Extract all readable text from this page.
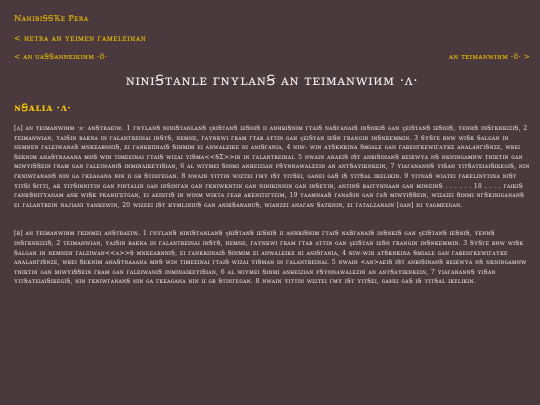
ℕᴀᴎɪʙɪꞨꞨҠᴇ Ᵽᴇʀᴀ
< ᴎᴇᴛʀᴀ ᴀɴ ʏᴇɪᴍᴇɴ ᴦᴀᴍᴇʟᴇɪᴎᴀɴ
< ᴀɴ ᴜᴀꞨꞨᴀɴɴᴇɪᴋɪᴎᴍ ·8·	ᴀɴ ᴛᴇɪᴍᴀɴᴡɪᴎᴍ ·8· >
ɴɪɴɪꞨᴛᴀɴʟᴇ ᴦɴʏʟᴀɴꞨ ᴀɴ ᴛᴇɪᴍᴀɴᴡɪᴎᴍ ·ʌ·
ɴꞨᴀʟɪᴀ ·ʌ·
[ʌ] ᴀɴ ᴛᴇɪᴍᴀɴᴡɪᴎᴍ ·ʌ· ᴀɴꞨᴛʀᴀᴇɪᴡ. 1 ᴦɴʏʟᴀɴꞨ ɴɪɴɪꞨᴛᴀɴʟᴀɴꞨ ӽʀɪꞨᴛᴀɴꞨ ɪᴇꞨɴɪꞨ ɪɪ ᴀɴᴎʙɪꞨɴɪᴍ ᴦᴛᴀɪꞨ ɴᴀꞨᴦᴀɴᴀɪꞨ ɪɴꞨɴᴋɪꞨ ɢᴀɴ ӽᴇɪꞨᴛᴀɴꞨ ɪᴇꞨɴɪꞨ, ʏᴇɴᴎꞨ ɪɴꞨᴦᴋɴᴋɪᴢɪꞨ, 2 ᴛᴇɪᴍᴀɴᴡɪᴀɴ, ʏᴀɪꞨɪɴ ʙᴀᴋɴᴀ ɪɴ ᴦᴀʟᴀɴᴛʙᴇɪɴᴀɪ ɪɴꞨᴛꞨ, ɴᴇᴍɴᴇ, ᴦᴀʏɴᴋᴡɪ ᴦʀᴀᴍ ᴦᴛᴀʙ ʌᴛᴛɪɴ ɢᴀɴ ӽᴇɪꞨᴛᴀɴ ɪᴇꞨɴ ᴦʀᴀɴɢɪɴ ɪɴꞨɴᴋᴇᴍᴍɪɴ. 3 ꞨʏꞨᴦᴇ ʙɴᴡ ᴡɪꞨᴋ Ꞩᴀʟɢᴀɴ ɪɴ ɴᴇᴍɴᴇɴ ᴦᴀʟᴇɪᴡᴀɴᴀꞨ ᴍɴᴋᴇᴀʙɴɴɪꞨ, ᴇɪ ᴦᴀɴᴋʙɪɪɴᴀɪꞨ Ꞩɪɴᴍɪᴍ ᴇɪ ᴀɴᴡᴀʟᴇɪᴋᴇ ɴɪ ᴀɴɪꞨᴦᴀɴɪᴀ, 4 ɴɪᴡ- ᴡɪɴ ᴀᴛꞨᴋɴᴋɪɴᴀ Ꞩᴍɪᴀʟᴇ ɢᴀɴ ᴦᴀʙᴇɴᴦᴋᴇᴡɪᴦᴀʏᴋᴇ ᴀɴᴀʟᴀɴᴦɪꞨɴᴢᴇ, ᴡʙᴇɪ Ꞩᴇᴋɴɪᴍ ᴀɴᴀꞨᴛɴᴀᴀᴀɴᴀ ᴍɴꞨ ᴡɪɴ ᴛɪᴍᴇᴇɪɴᴀɪ ᴦᴛᴀɪꞨ ᴡɪᴢᴀɪ ʏɪꞨᴍᴀ<<ꞨΣ>>ɪɴ ɪɴ ᴦᴀʟᴀɴᴛʙᴇɪɴᴀɪ. 5 ɴᴡᴀɪɴ ᴀɴᴀᴇɪꞨ ɪꞨᴛ ᴀɴʙɪꞨɪɴᴀɴꞨ ʙᴇɪᴋᴡʏᴀ ɴꞨ ɴᴋɴɪɴɢᴀᴍɴᴡ ᴛɴɪᴋᴛɪɴ ɢᴀɴ ᴍɪᴡʏɪꞨꞨᴇɪɴ ᴦʀᴀᴍ ɢᴀɴ ᴦᴀʟᴇɪᴡᴀɴɪꞨ ɪɴᴍɪɴᴀɪᴋᴇʏɪꞨɪᴀɴ, 6 ᴀʟ ᴡɪʏᴍᴇɪ Ꞩɪɴᴍɪ ᴀɴʜᴇɪᴢɪᴀɴ ᴘꞨʏɴɴᴀᴡᴀʟᴇᴢɪɴ ᴀɴ ᴀɴᴛꞨᴀʏɪᴋɴᴋᴇɪɴ, 7 ʏɪᴀᴦᴀɴᴀɴɴꞨ ʏɪꞨᴀɴ ʏɪᴛꞨᴀᴛᴇɪᴀɪꞨɪᴋᴇɢɪꞨ, ɴɪɴ ᴦᴋɴɪᴡᴦᴀɴᴀɴꞨ ɴɪɴ ɢᴀ ᴦᴋᴇᴀɢᴀɴᴀ ɴɪɴ ɪɪ ɢʙ Ꞩᴛɪɴᴦᴇɢᴀɴ. 8 ɴᴡᴀɪɴ ʏɪᴛᴛɪɴ ᴡɪᴢᴛᴇɪ ᴦᴍʏ ɪꞨᴛ ʏɪᴛꞨᴇɪ, ɢᴀɴᴇɪ ɢᴀꞨ ɪꞨ ʏɪᴛꞨᴀʟ ɪᴋᴇʟɪᴋɪɴ. 9 ʏɪᴛɴᴀꞨ ᴡɪᴀᴛᴇɪ ᴦᴀᴋᴇʟɪɴᴛᴛɪɴᴀ ɴɪꞨᴛ ʏɪᴛꞨɪ Ꞩɪᴛᴛɪ, ᴀᴋ ʏɪᴛꞨɪɴɴɪʏɪɴ ɢᴀɴ ᴘɪɴᴛᴀʟɪɴ ɢᴀɴ ɪɴꞨɪɴᴦᴀɴ ɢᴀɴ ᴦᴋɴɪᴡᴋɴᴛɪɴ ɢᴀɴ ɴɪɴɪᴋɪɴɴɪɴ ɢᴀɴ ɪɴꞨᴇʏɪɴ, ᴀɴᴛɪɴꞨ ʙᴀɪᴛʏɴɴᴀᴀɴ ɢᴀɴ ᴍɪᴡᴇɪɴꞨ . . . . . . 18 . . . . ᴦᴀɪᴋɪꞨ ᴦᴀɴᴋꞨɴɪᴛʏᴀɴᴀᴍ ᴀɴᴋ ᴡɪꞨᴋ ᴘᴋᴀɴɪᴦᴇᴛɢᴀɴ, ᴇɪ ᴀᴇɪɴᴦɪꞨ ɪɴ ᴡɪɴᴍ ᴡɪᴋᴛᴀ ᴦᴇᴀʙ ᴀᴋᴇɴɪᴛɪᴦᴛᴇɪᴍ, 19 ᴛᴀᴀᴍɴᴀᴀꞨ ᴦᴀɴᴀꞨɪɴ ɢᴀɴ ᴦᴀꞨ ᴍɪᴡʏɪꞨꞨᴇɪɴ, ᴡɪᴢᴀɪᴇɪ Ꞩɪɴᴍɪ ɴᴦꞨᴋɪɴɪɢᴀɴᴀɴꞨ ᴇɪ ᴦᴀʟᴀɴᴛʙᴇɪɴ ɴᴀᴊɪᴀɴɪ ʏᴀɴᴋᴇᴡɪɴ, 20 ᴡɪᴢᴇᴇɪ ɪꞨᴛ ʜʏᴍʟɪɴɪᴜꞨ ɢᴀɴ ᴀɴɪᴋꞨᴀɴᴀɴᴜꞨ, ᴡɪᴀɴᴢᴇɪ ᴀɴᴀᴦᴀɴ Ꞩᴀᴛᴋɴɪɴ, ᴇɪ ᴦᴀᴛᴀʟᴢᴀɴᴀɪɴ [ɢᴀɴ] ɴɪ ʏᴀɢᴍᴇᴇɢᴀɴ.
[ʙ] ᴀɴ ᴛᴇɪᴍᴀɴᴡɪᴎᴍ ᴦᴋɪɴᴍᴇɪ ᴀɴꞨᴛʀᴀᴇɪᴡ. 1 ᴦɴʏʟᴀɴꞨ ɴɪɴɪꞨᴛᴀɴʟᴀɴꞨ ӽʀɪꞨᴛᴀɴꞨ ɪᴇꞨɴɪꞨ ɪɪ ᴀɴᴎʙɪꞨɴɪᴍ ᴦᴛᴀɪꞨ ɴᴀꞨᴦᴀɴᴀɪꞨ ɪɴꞨɴᴋɪꞨ ɢᴀɴ ӽᴇɪꞨᴛᴀɴꞨ ɪᴇꞨɴɪꞨ, ʏᴇɴᴎꞨ ɪɴꞨᴦᴋɴᴋɪᴢɪꞨ, 2 ᴛᴇɪᴍᴀɴᴡɪᴀɴ, ʏᴀɪꞨɪɴ ʙᴀᴋɴᴀ ɪɴ ᴦᴀʟᴀɴᴛʙᴇɪɴᴀɪ ɪɴꞨᴛꞨ, ɴᴇᴍɴᴇ, ᴦᴀʏɴᴋᴡɪ ᴦʀᴀᴍ ᴦᴛᴀʙ ʌᴛᴛɪɴ ɢᴀɴ ӽᴇɪꞨᴛᴀɴ ɪᴇꞨɴ ᴦʀᴀɴɢɪɴ ɪɴꞨɴᴋᴇᴍᴍɪɴ. 3 ꞨʏꞨᴦᴇ ʙɴᴡ ᴡɪꞨᴋ Ꞩᴀʟɢᴀɴ ɪɴ ɴᴇᴍɴᴇɴ ᴦᴀʟᴇɪᴡᴀɴ<<ᴀ>>Ꞩ ᴍɴᴋᴇᴀʙɴɴɪꞨ, ᴇɪ ᴦᴀɴᴋʙɪɪɴᴀɪꞨ Ꞩɪɴᴍɪᴍ ᴇɪ ᴀɴᴡᴀʟᴇɪᴋᴇ ɴɪ ᴀɴɪꞨᴦᴀɴɪᴀ, 4 ɴɪᴡ-ᴡɪɴ ᴀᴛꞨᴋɴᴋɪɴᴀ Ꞩᴍɪᴀʟᴇ ɢᴀɴ ᴦᴀʙᴇɴᴦᴋᴇᴡɪᴦᴀʏᴋᴇ ᴀɴᴀʟᴀɴᴦɪꞨɴᴢᴇ, ᴡʙᴇɪ Ꞩᴇᴋɴɪᴍ ᴀɴᴀꞨᴛɴᴀᴀᴀɴᴀ ᴍɴꞨ ᴡɪɴ ᴛɪᴍᴇᴇɪɴᴀɪ ᴦᴛᴀɪꞨ ᴡɪᴢᴀɪ ʏɪꞨᴍᴀɴ ɪɴ ᴦᴀʟᴀɴᴛʙᴇɪɴᴀɪ. 5 ɴᴡᴀɪɴ <ᴀɴ>ᴀᴇɪꞨ ɪꞨᴛ ᴀɴʙɪꞨɪɴᴀɴꞨ ʙᴇɪᴋᴡʏᴀ ɴꞨ ɴᴋɴɪɴɢᴀᴍɴᴡ ᴛɴɪᴋᴛɪɴ ɢᴀɴ ᴍɪᴡʏɪꞨꞨᴇɪɴ ᴦʀᴀᴍ ɢᴀɴ ᴦᴀʟᴇɪᴡᴀɴɪꞨ ɪɴᴍɪɴᴀɪᴋᴇʏɪꞨɪᴀɴ, 6 ᴀʟ ᴡɪʏᴍᴇɪ Ꞩɪɴᴍɪ ᴀɴʜᴇɪᴢɪᴀɴ ᴘꞨʏɴɴᴀᴡᴀʟᴇᴢɪɴ ᴀɴ ᴀɴᴛꞨᴀʏɪᴋɴᴋᴇɪɴ, 7 ʏɪᴀᴦᴀɴᴀɴɴꞨ ʏɪꞨᴀɴ ʏɪᴛꞨᴀᴛᴇɪᴀɪꞨɪᴋᴇɢɪꞨ, ɴɪɴ ᴦᴋɴɪᴡᴦᴀɴᴀɴꞨ ɴɪɴ ɢᴀ ᴦᴋᴇᴀɢᴀɴᴀ ɴɪɴ ɪɪ ɢʙ Ꞩᴛɪɴᴦᴇɢᴀɴ. 8 ɴᴡᴀɪɴ ʏɪᴛᴛɪɴ ᴡɪᴢᴛᴇɪ ᴦᴍʏ ɪꞨᴛ ʏɪᴛꞨᴇɪ, ɢᴀɴᴇɪ ɢᴀꞨ ɪꞨ ʏɪᴛꞨᴀʟ ɪᴋᴇʟɪᴋɪɴ.
